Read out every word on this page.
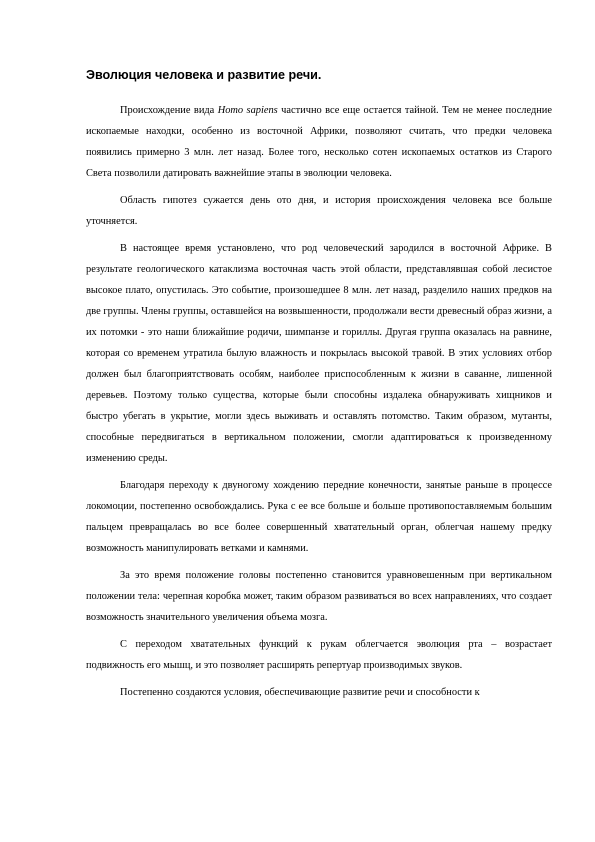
Эволюция человека и развитие речи.

Происхождение вида Homo sapiens частично все еще остается тайной. Тем не менее последние ископаемые находки, особенно из восточной Африки, позволяют считать, что предки человека появились примерно 3 млн. лет назад. Более того, несколько сотен ископаемых остатков из Старого Света позволили датировать важнейшие этапы в эволюции человека.

Область гипотез сужается день ото дня, и история происхождения человека все больше уточняется.

В настоящее время установлено, что род человеческий зародился в восточной Африке. В результате геологического катаклизма восточная часть этой области, представлявшая собой лесистое высокое плато, опустилась. Это событие, произошедшее 8 млн. лет назад, разделило наших предков на две группы. Члены группы, оставшейся на возвышенности, продолжали вести древесный образ жизни, а их потомки - это наши ближайшие родичи, шимпанзе и гориллы. Другая группа оказалась на равнине, которая со временем утратила былую влажность и покрылась высокой травой. В этих условиях отбор должен был благоприятствовать особям, наиболее приспособленным к жизни в саванне, лишенной деревьев. Поэтому только существа, которые были способны издалека обнаруживать хищников и быстро убегать в укрытие, могли здесь выживать и оставлять потомство. Таким образом, мутанты, способные передвигаться в вертикальном положении, смогли адаптироваться к произведенному изменению среды.

Благодаря переходу к двуногому хождению передние конечности, занятые раньше в процессе локомоции, постепенно освобождались. Рука с ее все больше и больше противопоставляемым большим пальцем превращалась во все более совершенный хватательный орган, облегчая нашему предку возможность манипулировать ветками и камнями.

За это время положение головы постепенно становится уравновешенным при вертикальном положении тела: черепная коробка может, таким образом развиваться во всех направлениях, что создает возможность значительного увеличения объема мозга.

С переходом хватательных функций к рукам облегчается эволюция рта – возрастает подвижность его мышц, и это позволяет расширять репертуар производимых звуков.

Постепенно создаются условия, обеспечивающие развитие речи и способности к
